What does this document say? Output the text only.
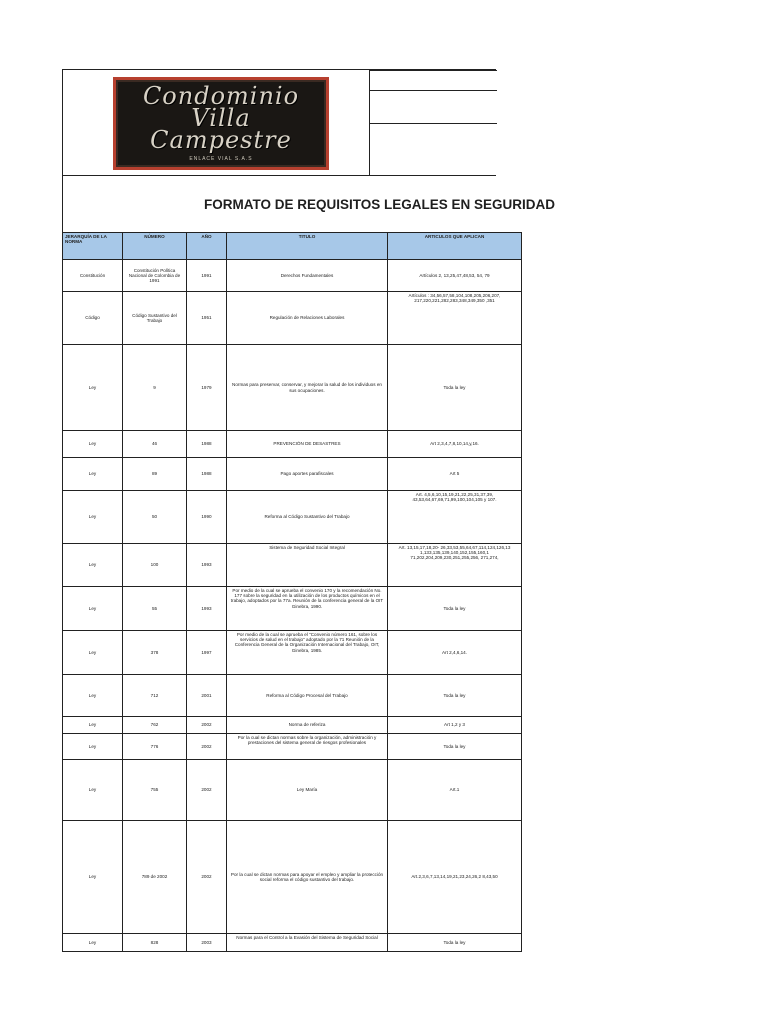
Condominio
Villa
Campestre
ENLACE VIAL S.A.S
FORMATO DE REQUISITOS LEGALES EN SEGURIDAD
JERARQUÍA DE LA NORMA	NÚMERO	AÑO	TITULO	ARTICULOS QUE APLICAN
Constitución	Constitución Política Nacional de Colombia de 1991	1991	Derechos Fundamentales	Artículos 2, 13,25,47,48,53, 54, 79
Código	Código Sustantivo del Trabajo	1951	Regulación de Relaciones Laborales	Artículos : 34,56,57,58,104,108,205,206,207, 217,220,221,282,283,348,349,350 ,351
Ley	9	1979	Normas para preservar, conservar, y mejorar la salud de los individuos en sus ocupaciones.	Toda la ley
Ley	46	1988	PREVENCIÓN DE DESASTRES	Art 2,3,4,7,8,10,14,y,16.
Ley	89	1988	Pago aportes parafiscales	Art 5
Ley	50	1990	Reforma al Código Sustantivo del Trabajo	Art. 4,5,6,10,15,19,21,22,25,31,37,39, 43,53,64,67,69,71,99,100,104,105 y 107.
Ley	100	1993	Sistema de Seguridad Social Integral	Art. 13,15,17,18,20- 26,33,53,55,64,67,114,124,126,13 1,133,135,139,140,152,155,160,1 71,202,204,209,230,251,255,256, 271,274,
Ley	55	1993	Por medio de la cual se aprueba el convenio 170 y la recomendación No. 177 sobre la seguridad en la utilización de los productos químicos en el trabajo, adoptados por la 77a. Reunión de la conferencia general de la OIT Ginebra, 1990.	Toda la ley
Ley	378	1997	Por medio de la cual se aprueba el "Convenio número 161, sobre los servicios de salud en el trabajo" adoptado por la 71 Reunión de la Conferencia General de la Organización Internacional del Trabajo, OIT, Ginebra, 1985.	Art 2,4,6,14.
Ley	712	2001	Reforma al Código Procesal del Trabajo	Toda la ley
Ley	762	2002	Norma de referiza	Art 1,2 y 3
Ley	776	2002	Por la cual se dictan normas sobre la organización, administración y prestaciones del sistema general de riesgos profesionales	Toda la ley
Ley	755	2002	Ley María	Art.1
Ley	789 de 2002	2002	Por la cual se dictan normas para apoyar el empleo y ampliar la protección social reforma el código sustantivo del trabajo.	Art.2,3,6,7,13,14,19,21,23,24,26,2 8,43,50
Ley	828	2003	Normas para el Control a la Evasión del Sistema de Seguridad Social	Toda la ley
